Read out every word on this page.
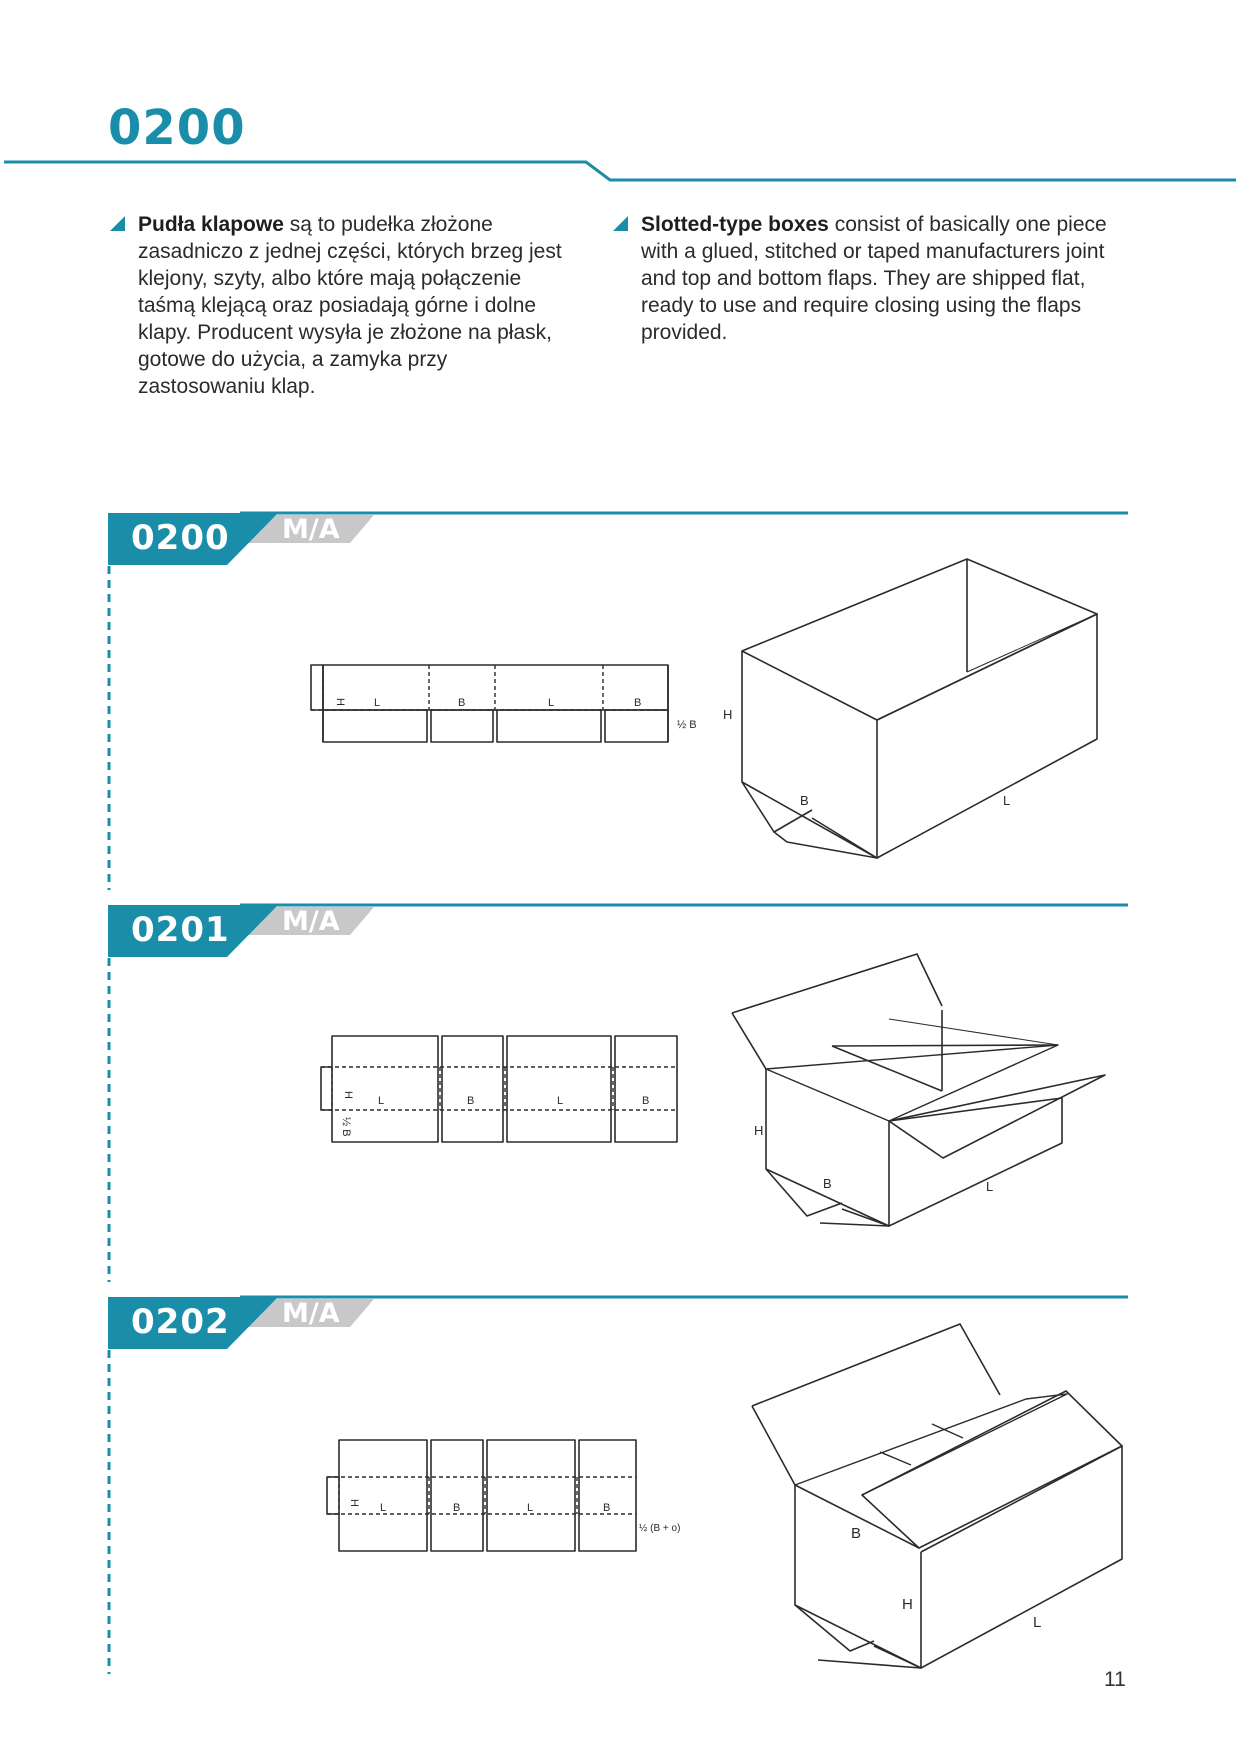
0200
Pudła klapowe są to pudełka złożone zasadniczo z jednej części, których brzeg jest klejony, szyty, albo które mają połączenie taśmą klejącą oraz posiadają górne i dolne klapy. Producent wysyła je złożone na płask, gotowe do użycia, a zamyka przy zastosowaniu klap.
Slotted-type boxes consist of basically one piece with a glued, stitched or taped manufacturers joint and top and bottom flaps. They are shipped flat, ready to use and require closing using the flaps provided.
0200 M/A
0201 M/A
0202 M/A
H	L	B	L	B
½ B
H
B	L
H
L	B	L	B
½ B	H
B	L
H L	B	L	B
½ (B + o)
H
B
L
11
